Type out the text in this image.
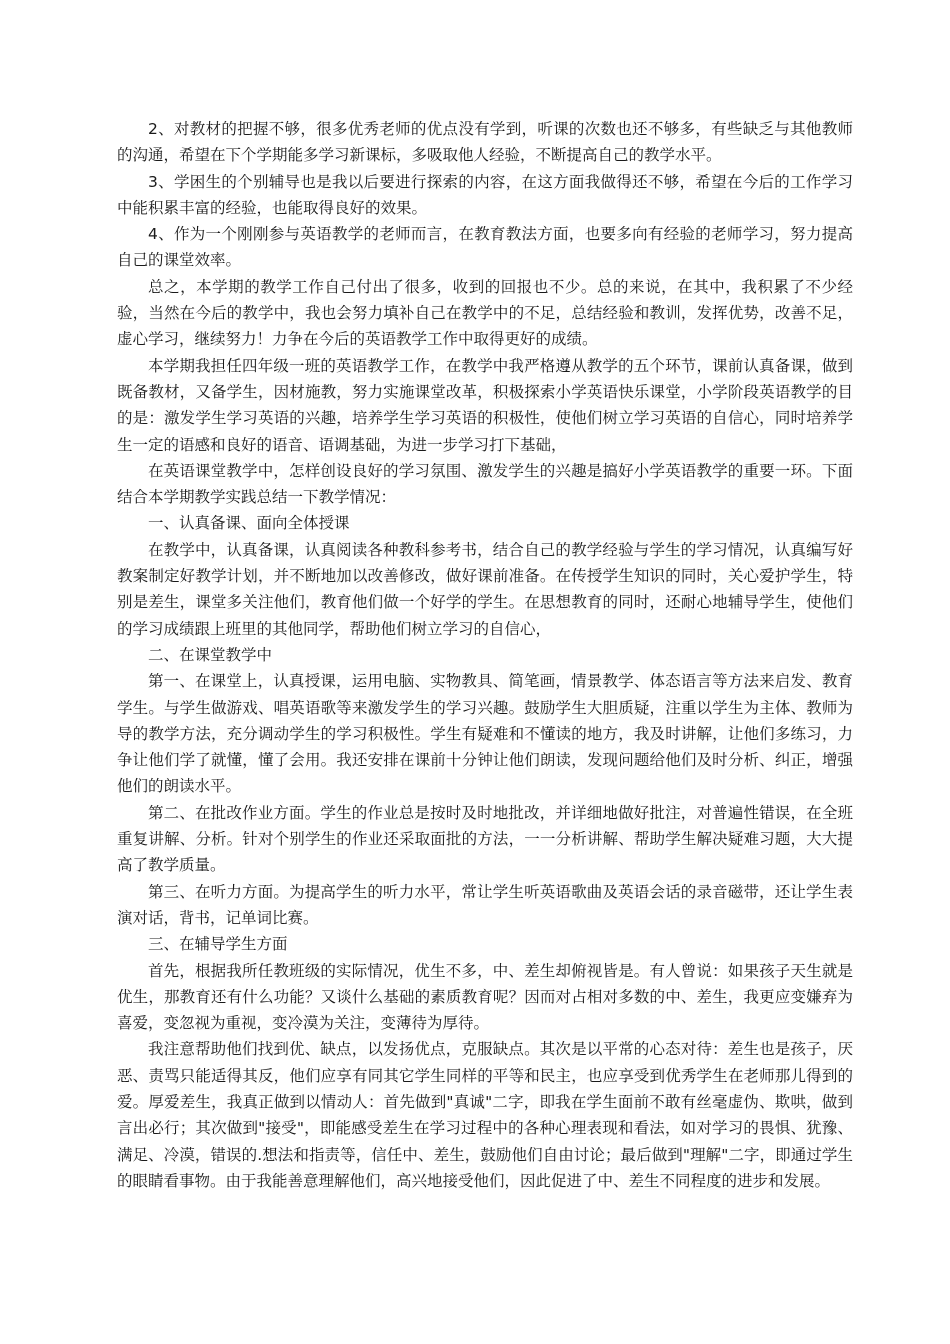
2、对教材的把握不够，很多优秀老师的优点没有学到，听课的次数也还不够多，有些缺乏与其他教师的沟通，希望在下个学期能多学习新课标，多吸取他人经验，不断提高自己的教学水平。

3、学困生的个别辅导也是我以后要进行探索的内容，在这方面我做得还不够，希望在今后的工作学习中能积累丰富的经验，也能取得良好的效果。

4、作为一个刚刚参与英语教学的老师而言，在教育教法方面，也要多向有经验的老师学习，努力提高自己的课堂效率。

总之，本学期的教学工作自己付出了很多，收到的回报也不少。总的来说，在其中，我积累了不少经验，当然在今后的教学中，我也会努力填补自己在教学中的不足，总结经验和教训，发挥优势，改善不足，虚心学习，继续努力！力争在今后的英语教学工作中取得更好的成绩。

本学期我担任四年级一班的英语教学工作，在教学中我严格遵从教学的五个环节，课前认真备课，做到既备教材，又备学生，因材施教，努力实施课堂改革，积极探索小学英语快乐课堂，小学阶段英语教学的目的是：激发学生学习英语的兴趣，培养学生学习英语的积极性，使他们树立学习英语的自信心，同时培养学生一定的语感和良好的语音、语调基础，为进一步学习打下基础，

在英语课堂教学中，怎样创设良好的学习氛围、激发学生的兴趣是搞好小学英语教学的重要一环。下面结合本学期教学实践总结一下教学情况：

一、认真备课、面向全体授课

在教学中，认真备课，认真阅读各种教科参考书，结合自己的教学经验与学生的学习情况，认真编写好教案制定好教学计划，并不断地加以改善修改，做好课前准备。在传授学生知识的同时，关心爱护学生，特别是差生，课堂多关注他们，教育他们做一个好学的学生。在思想教育的同时，还耐心地辅导学生，使他们的学习成绩跟上班里的其他同学，帮助他们树立学习的自信心，

二、在课堂教学中

第一、在课堂上，认真授课，运用电脑、实物教具、简笔画，情景教学、体态语言等方法来启发、教育学生。与学生做游戏、唱英语歌等来激发学生的学习兴趣。鼓励学生大胆质疑，注重以学生为主体、教师为导的教学方法，充分调动学生的学习积极性。学生有疑难和不懂读的地方，我及时讲解，让他们多练习，力争让他们学了就懂，懂了会用。我还安排在课前十分钟让他们朗读，发现问题给他们及时分析、纠正，增强他们的朗读水平。

第二、在批改作业方面。学生的作业总是按时及时地批改，并详细地做好批注，对普遍性错误，在全班重复讲解、分析。针对个别学生的作业还采取面批的方法，一一分析讲解、帮助学生解决疑难习题，大大提高了教学质量。

第三、在听力方面。为提高学生的听力水平，常让学生听英语歌曲及英语会话的录音磁带，还让学生表演对话，背书，记单词比赛。

三、在辅导学生方面

首先，根据我所任教班级的实际情况，优生不多，中、差生却俯视皆是。有人曾说：如果孩子天生就是优生，那教育还有什么功能？又谈什么基础的素质教育呢？因而对占相对多数的中、差生，我更应变嫌弃为喜爱，变忽视为重视，变冷漠为关注，变薄待为厚待。

我注意帮助他们找到优、缺点，以发扬优点，克服缺点。其次是以平常的心态对待：差生也是孩子，厌恶、责骂只能适得其反，他们应享有同其它学生同样的平等和民主，也应享受到优秀学生在老师那儿得到的爱。厚爱差生，我真正做到以情动人：首先做到"真诚"二字，即我在学生面前不敢有丝毫虚伪、欺哄，做到言出必行；其次做到"接受"，即能感受差生在学习过程中的各种心理表现和看法，如对学习的畏惧、犹豫、满足、冷漠，错误的.想法和指责等，信任中、差生，鼓励他们自由讨论；最后做到"理解"二字，即通过学生的眼睛看事物。由于我能善意理解他们，高兴地接受他们，因此促进了中、差生不同程度的进步和发展。
